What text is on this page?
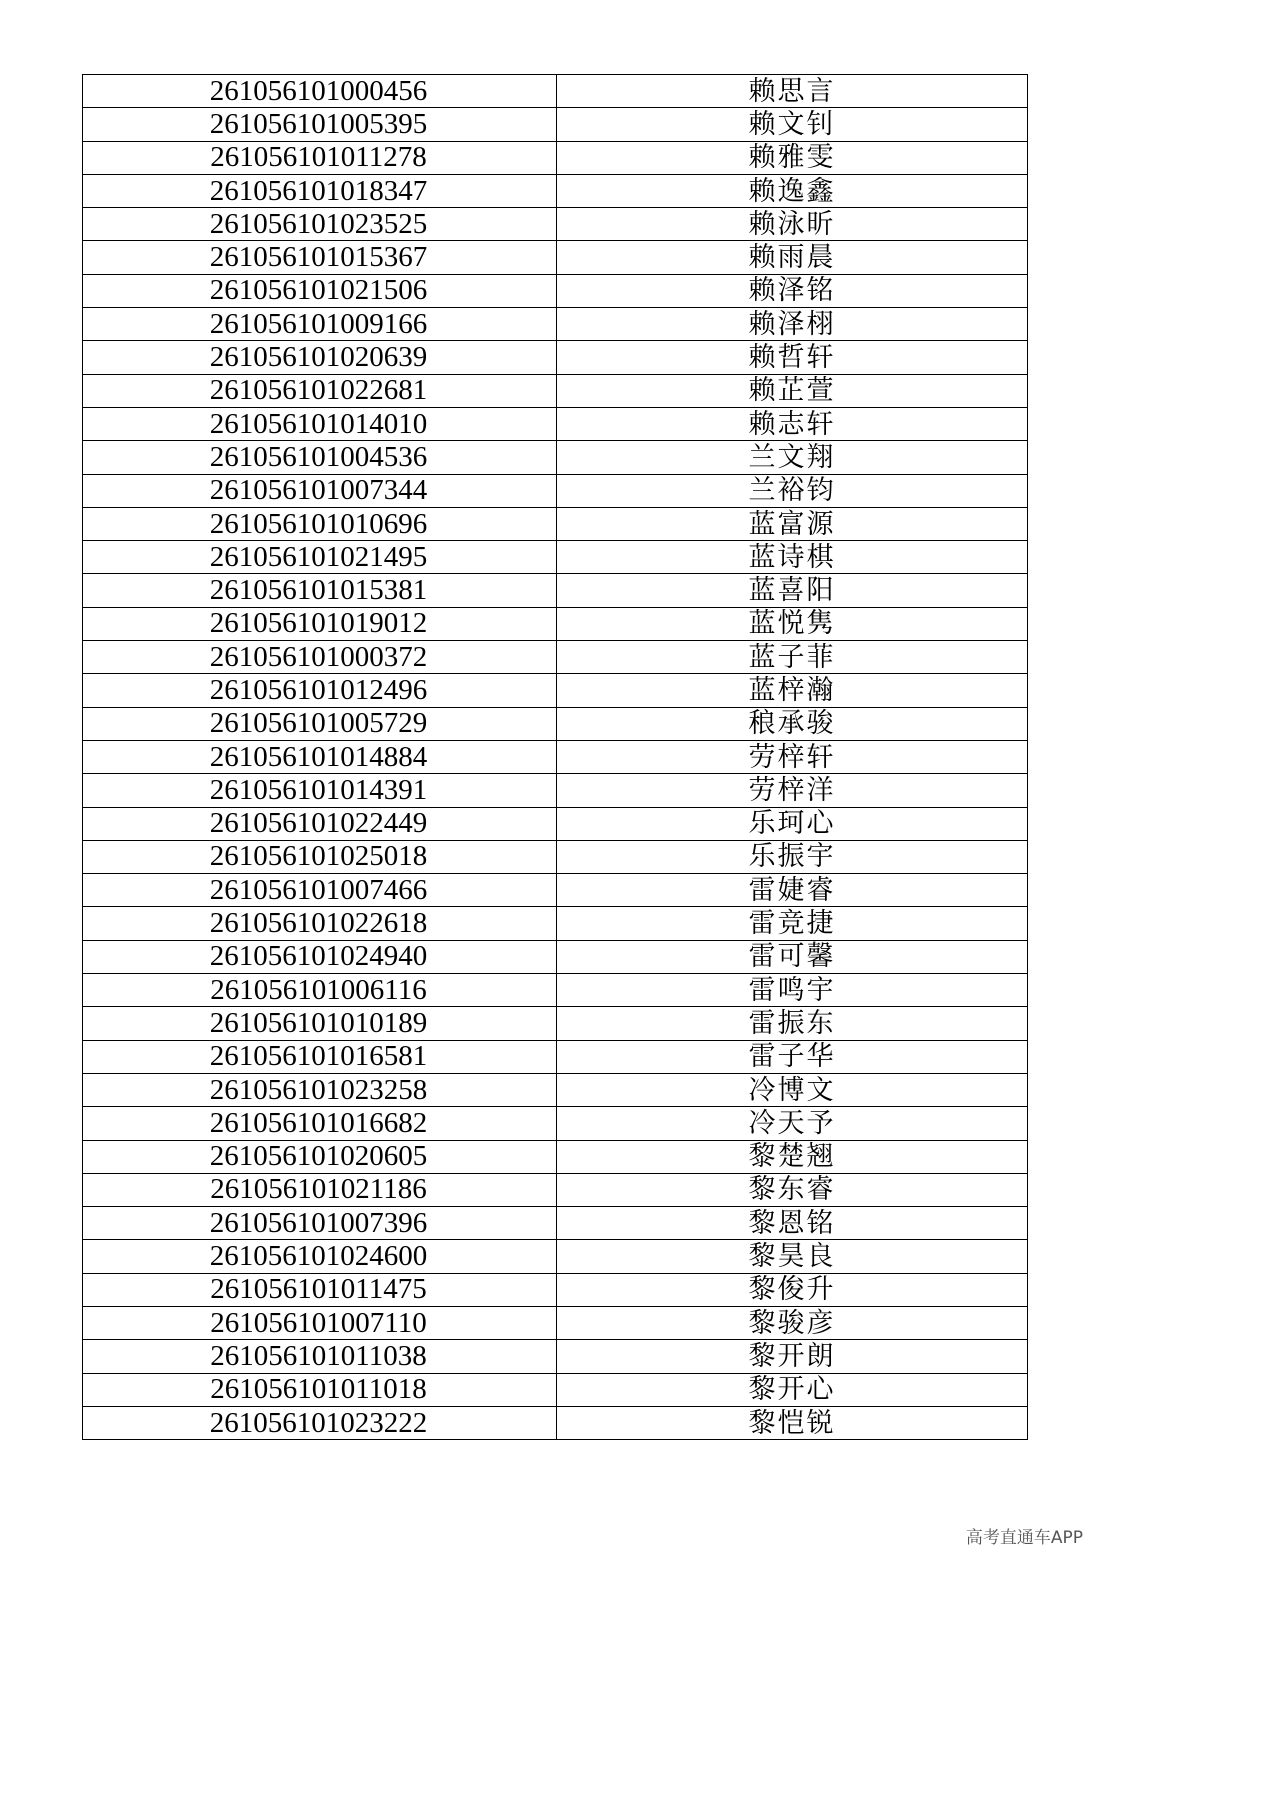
261056101000456	赖思言
261056101005395	赖文钊
261056101011278	赖雅雯
261056101018347	赖逸鑫
261056101023525	赖泳昕
261056101015367	赖雨晨
261056101021506	赖泽铭
261056101009166	赖泽栩
261056101020639	赖哲轩
261056101022681	赖芷萱
261056101014010	赖志轩
261056101004536	兰文翔
261056101007344	兰裕钧
261056101010696	蓝富源
261056101021495	蓝诗棋
261056101015381	蓝喜阳
261056101019012	蓝悦隽
261056101000372	蓝子菲
261056101012496	蓝梓瀚
261056101005729	稂承骏
261056101014884	劳梓轩
261056101014391	劳梓洋
261056101022449	乐珂心
261056101025018	乐振宇
261056101007466	雷婕睿
261056101022618	雷竞捷
261056101024940	雷可馨
261056101006116	雷鸣宇
261056101010189	雷振东
261056101016581	雷子华
261056101023258	冷博文
261056101016682	冷天予
261056101020605	黎楚翘
261056101021186	黎东睿
261056101007396	黎恩铭
261056101024600	黎昊良
261056101011475	黎俊升
261056101007110	黎骏彦
261056101011038	黎开朗
261056101011018	黎开心
261056101023222	黎恺锐
高考直通车APP
